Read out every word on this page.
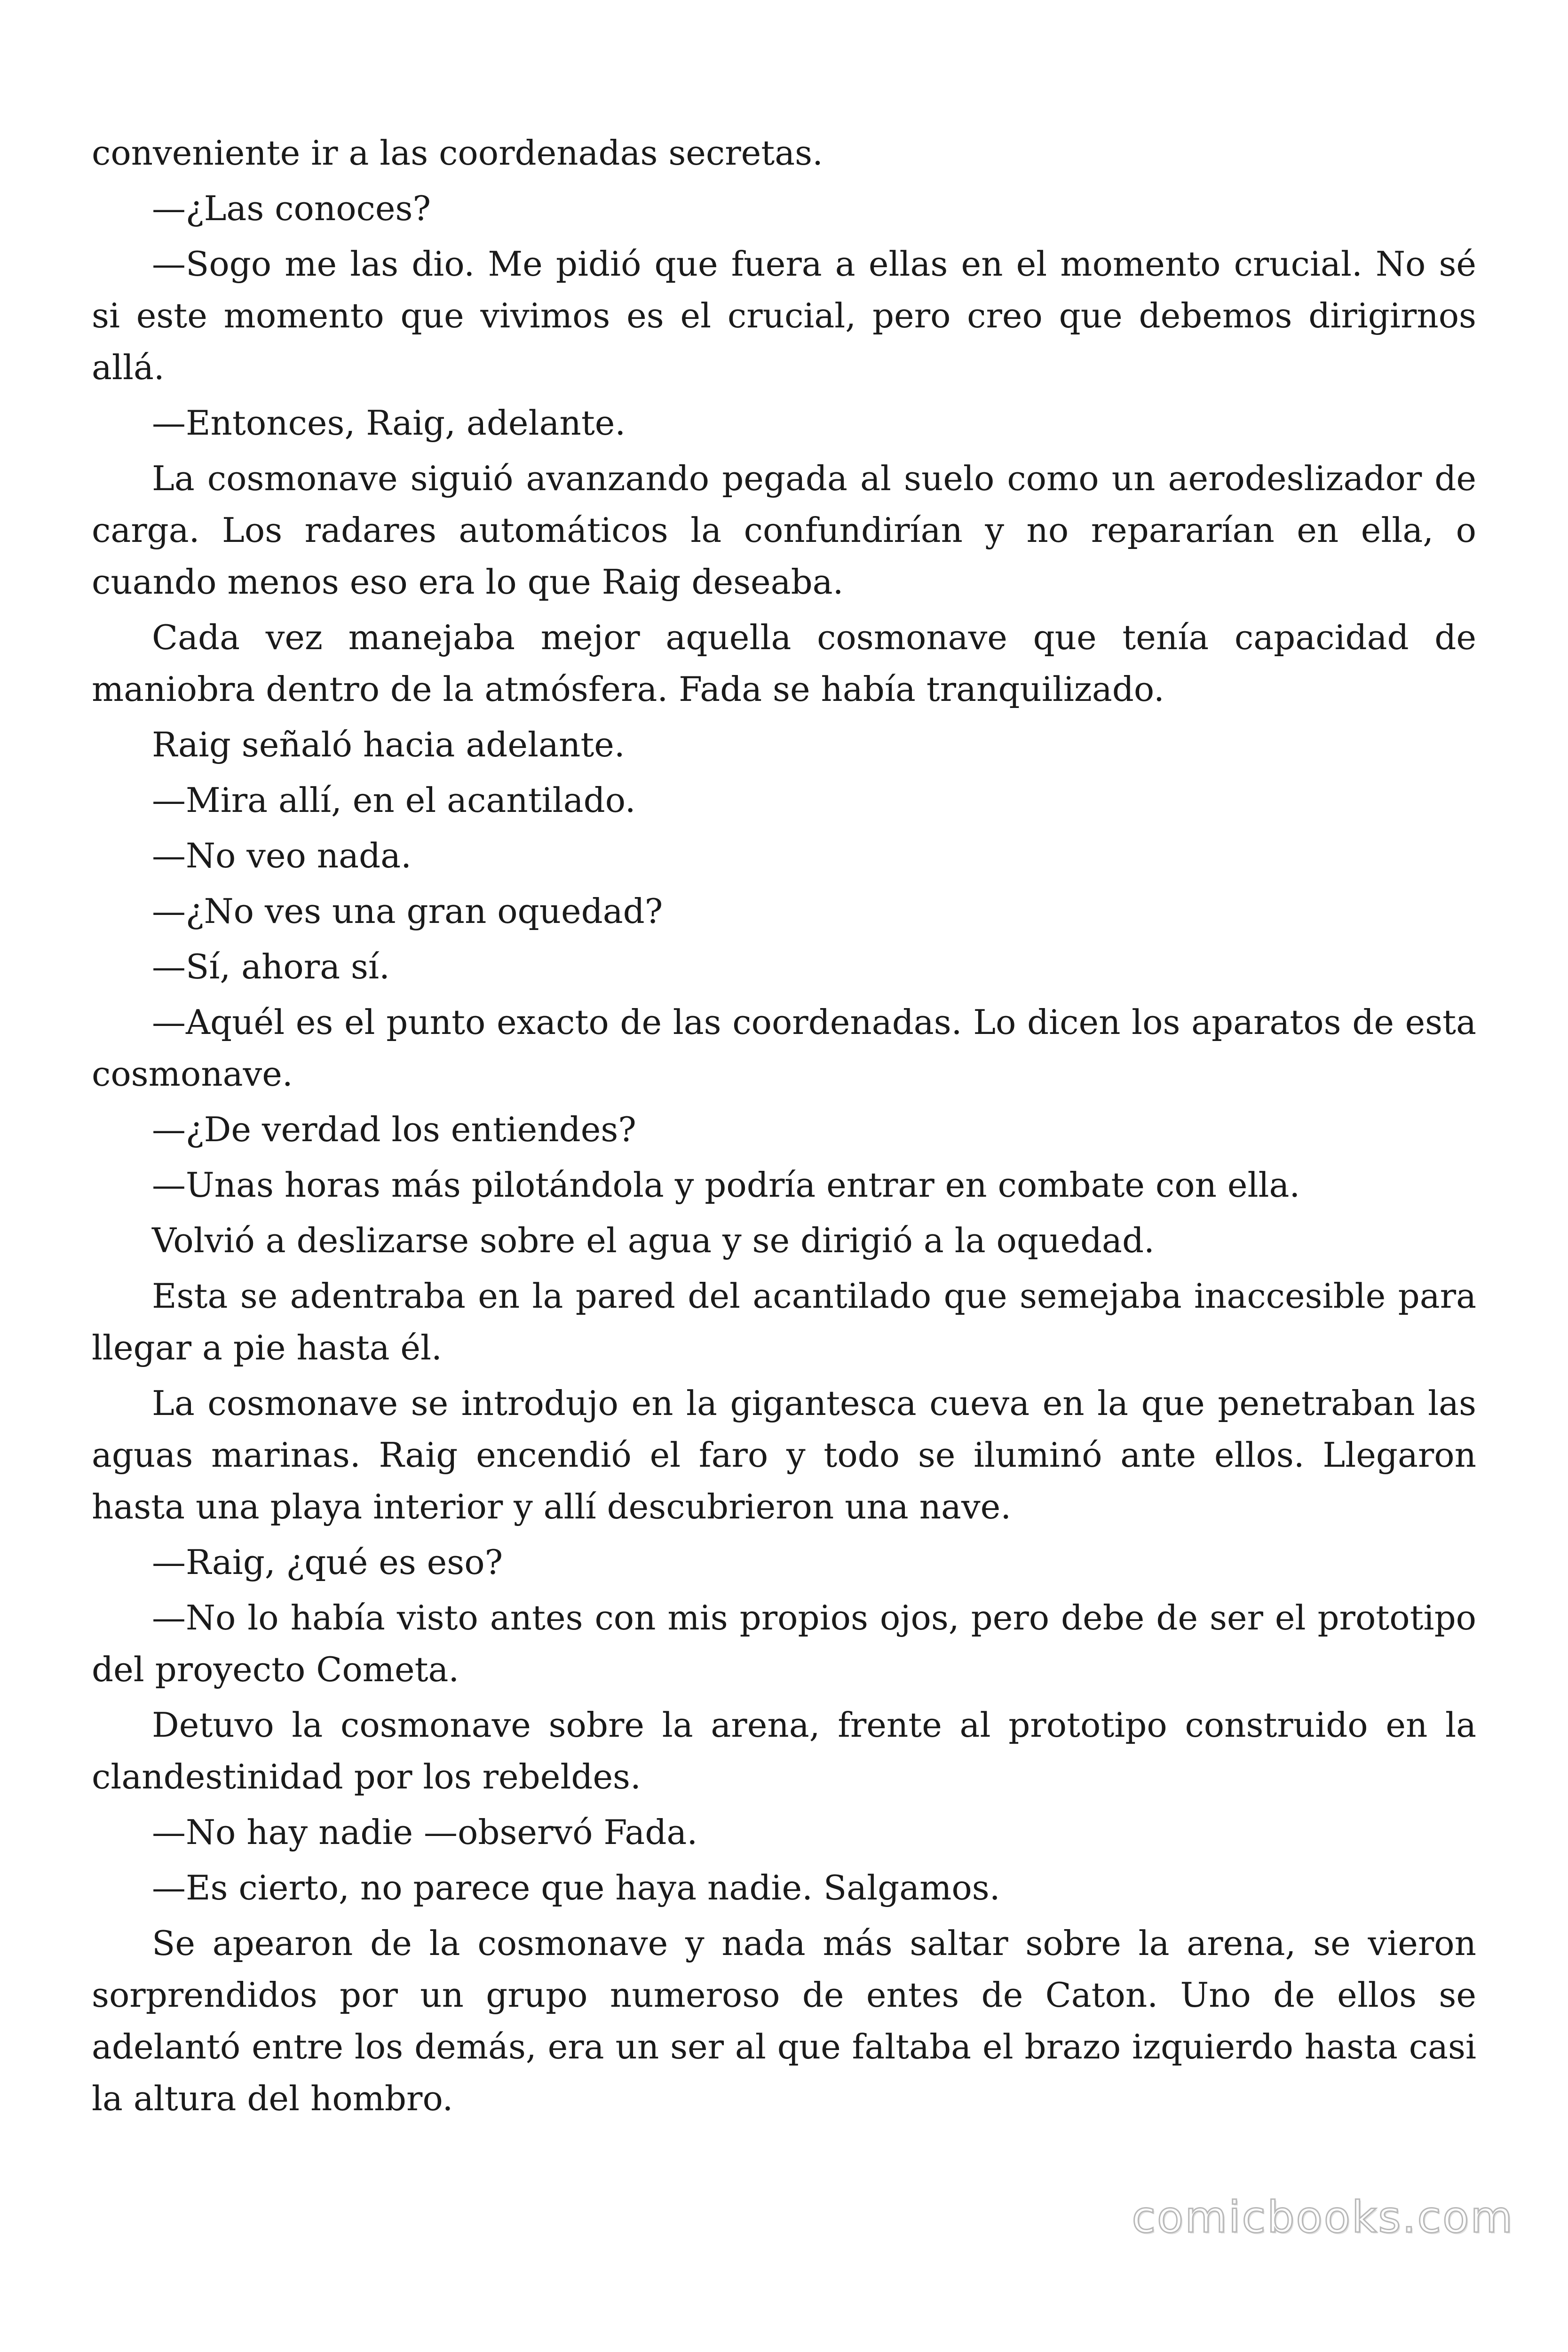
conveniente ir a las coordenadas secretas.

—¿Las conoces?

—Sogo me las dio. Me pidió que fuera a ellas en el momento crucial. No sé si este momento que vivimos es el crucial, pero creo que debemos dirigirnos allá.

—Entonces, Raig, adelante.

La cosmonave siguió avanzando pegada al suelo como un aerodeslizador de carga. Los radares automáticos la confundirían y no repararían en ella, o cuando menos eso era lo que Raig deseaba.

Cada vez manejaba mejor aquella cosmonave que tenía capacidad de maniobra dentro de la atmósfera. Fada se había tranquilizado.

Raig señaló hacia adelante.

—Mira allí, en el acantilado.

—No veo nada.

—¿No ves una gran oquedad?

—Sí, ahora sí.

—Aquél es el punto exacto de las coordenadas. Lo dicen los aparatos de esta cosmonave.

—¿De verdad los entiendes?

—Unas horas más pilotándola y podría entrar en combate con ella.

Volvió a deslizarse sobre el agua y se dirigió a la oquedad.

Esta se adentraba en la pared del acantilado que semejaba inaccesible para llegar a pie hasta él.

La cosmonave se introdujo en la gigantesca cueva en la que penetraban las aguas marinas. Raig encendió el faro y todo se iluminó ante ellos. Llegaron hasta una playa interior y allí descubrieron una nave.

—Raig, ¿qué es eso?

—No lo había visto antes con mis propios ojos, pero debe de ser el prototipo del proyecto Cometa.

Detuvo la cosmonave sobre la arena, frente al prototipo construido en la clandestinidad por los rebeldes.

—No hay nadie —observó Fada.

—Es cierto, no parece que haya nadie. Salgamos.

Se apearon de la cosmonave y nada más saltar sobre la arena, se vieron sorprendidos por un grupo numeroso de entes de Caton. Uno de ellos se adelantó entre los demás, era un ser al que faltaba el brazo izquierdo hasta casi la altura del hombro.

comicbooks.com
